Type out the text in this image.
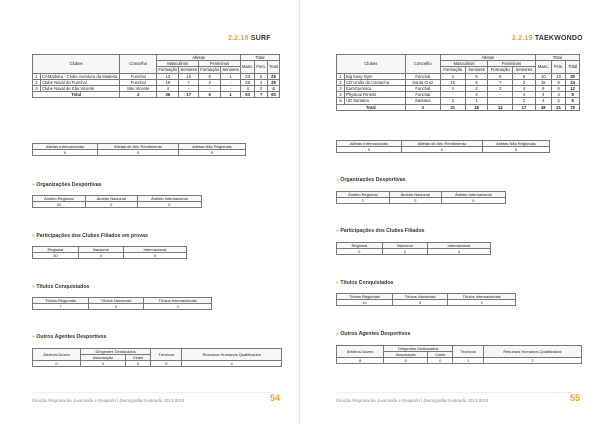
2.2.18 SURF
Clubes		Concelho	Atletas				Total		
			Masculinos		Femininos		Masc.	Fem.	Total
			Formação	Seniores	Formação	Seniores			
1	CAMadeira - Clube Aventura da Madeira	Funchal	13	10	6	1	23	5	28
2	Clube Naval do Funchal	Funchal	19	7	2	-	26	2	28
3	Clube Naval de São Vicente	São Vicente	4	-	-	-	4	0	4
Total		2	36	17	6	1	53	7	60
Atletas Internacionais	Atletas de Alto Rendimento	Atletas Não Regionais
0	0	0
» Organizações Desportivas
Âmbito Regional	Âmbito Nacional	Âmbito Internacional
30	0	0
» Participações dos Clubes Filiados em provas
Regional	Nacional	Internacional
30	4	0
» Títulos Conquistados
Títulos Regionais	Títulos Nacionais	Títulos Internacionais
7	0	0
» Outros Agentes Desportivos
Árbitros/Juízes	Dirigentes Destacados		Técnicos	Recursos Humanos Qualificados
	Associação	Clube		
0	0	0	9	4
Direção Regional de Juventude e Desporto | Demografia Federada 2013-2014	54
2.2.19 TAEKWONDO
Clubes		Concelho	Atletas				Total		
			Masculinos		Femininos		Masc.	Fem.	Total
			Formação	Seniores	Formação	Seniores			
1	Big Easy Gym	Funchal	4	6	5	5	10	10	20
2	CD União da Camacha	Santa Cruz	10	5	7	2	15	9	24
3	EuroGymnica	Funchal	4	2	2	4	6	6	12
4	Physical Fitness	Funchal	-	4	-	4	4	4	8
5	UD Santana	Santana	3	1	-	2	4	2	6
Total		3	21	18	14	17	39	31	70
Atletas Internacionais	Atletas de Alto Rendimento	Atletas Não Regionais
0	0	0
» Organizações Desportivas
Âmbito Regional	Âmbito Nacional	Âmbito Internacional
2	0	0
» Participações dos Clubes Filiados
Regional	Nacional	Internacional
2	2	0
» Títulos Conquistados
Títulos Regionais	Títulos Nacionais	Títulos Internacionais
10	0	0
» Outros Agentes Desportivos
Árbitros/Juízes	Dirigentes Destacados		Técnicos	Recursos Humanos Qualificados
	Associação	Clube		
8	0	0	1	2
Direção Regional de Juventude e Desporto | Demografia Federada 2013-2014	55
